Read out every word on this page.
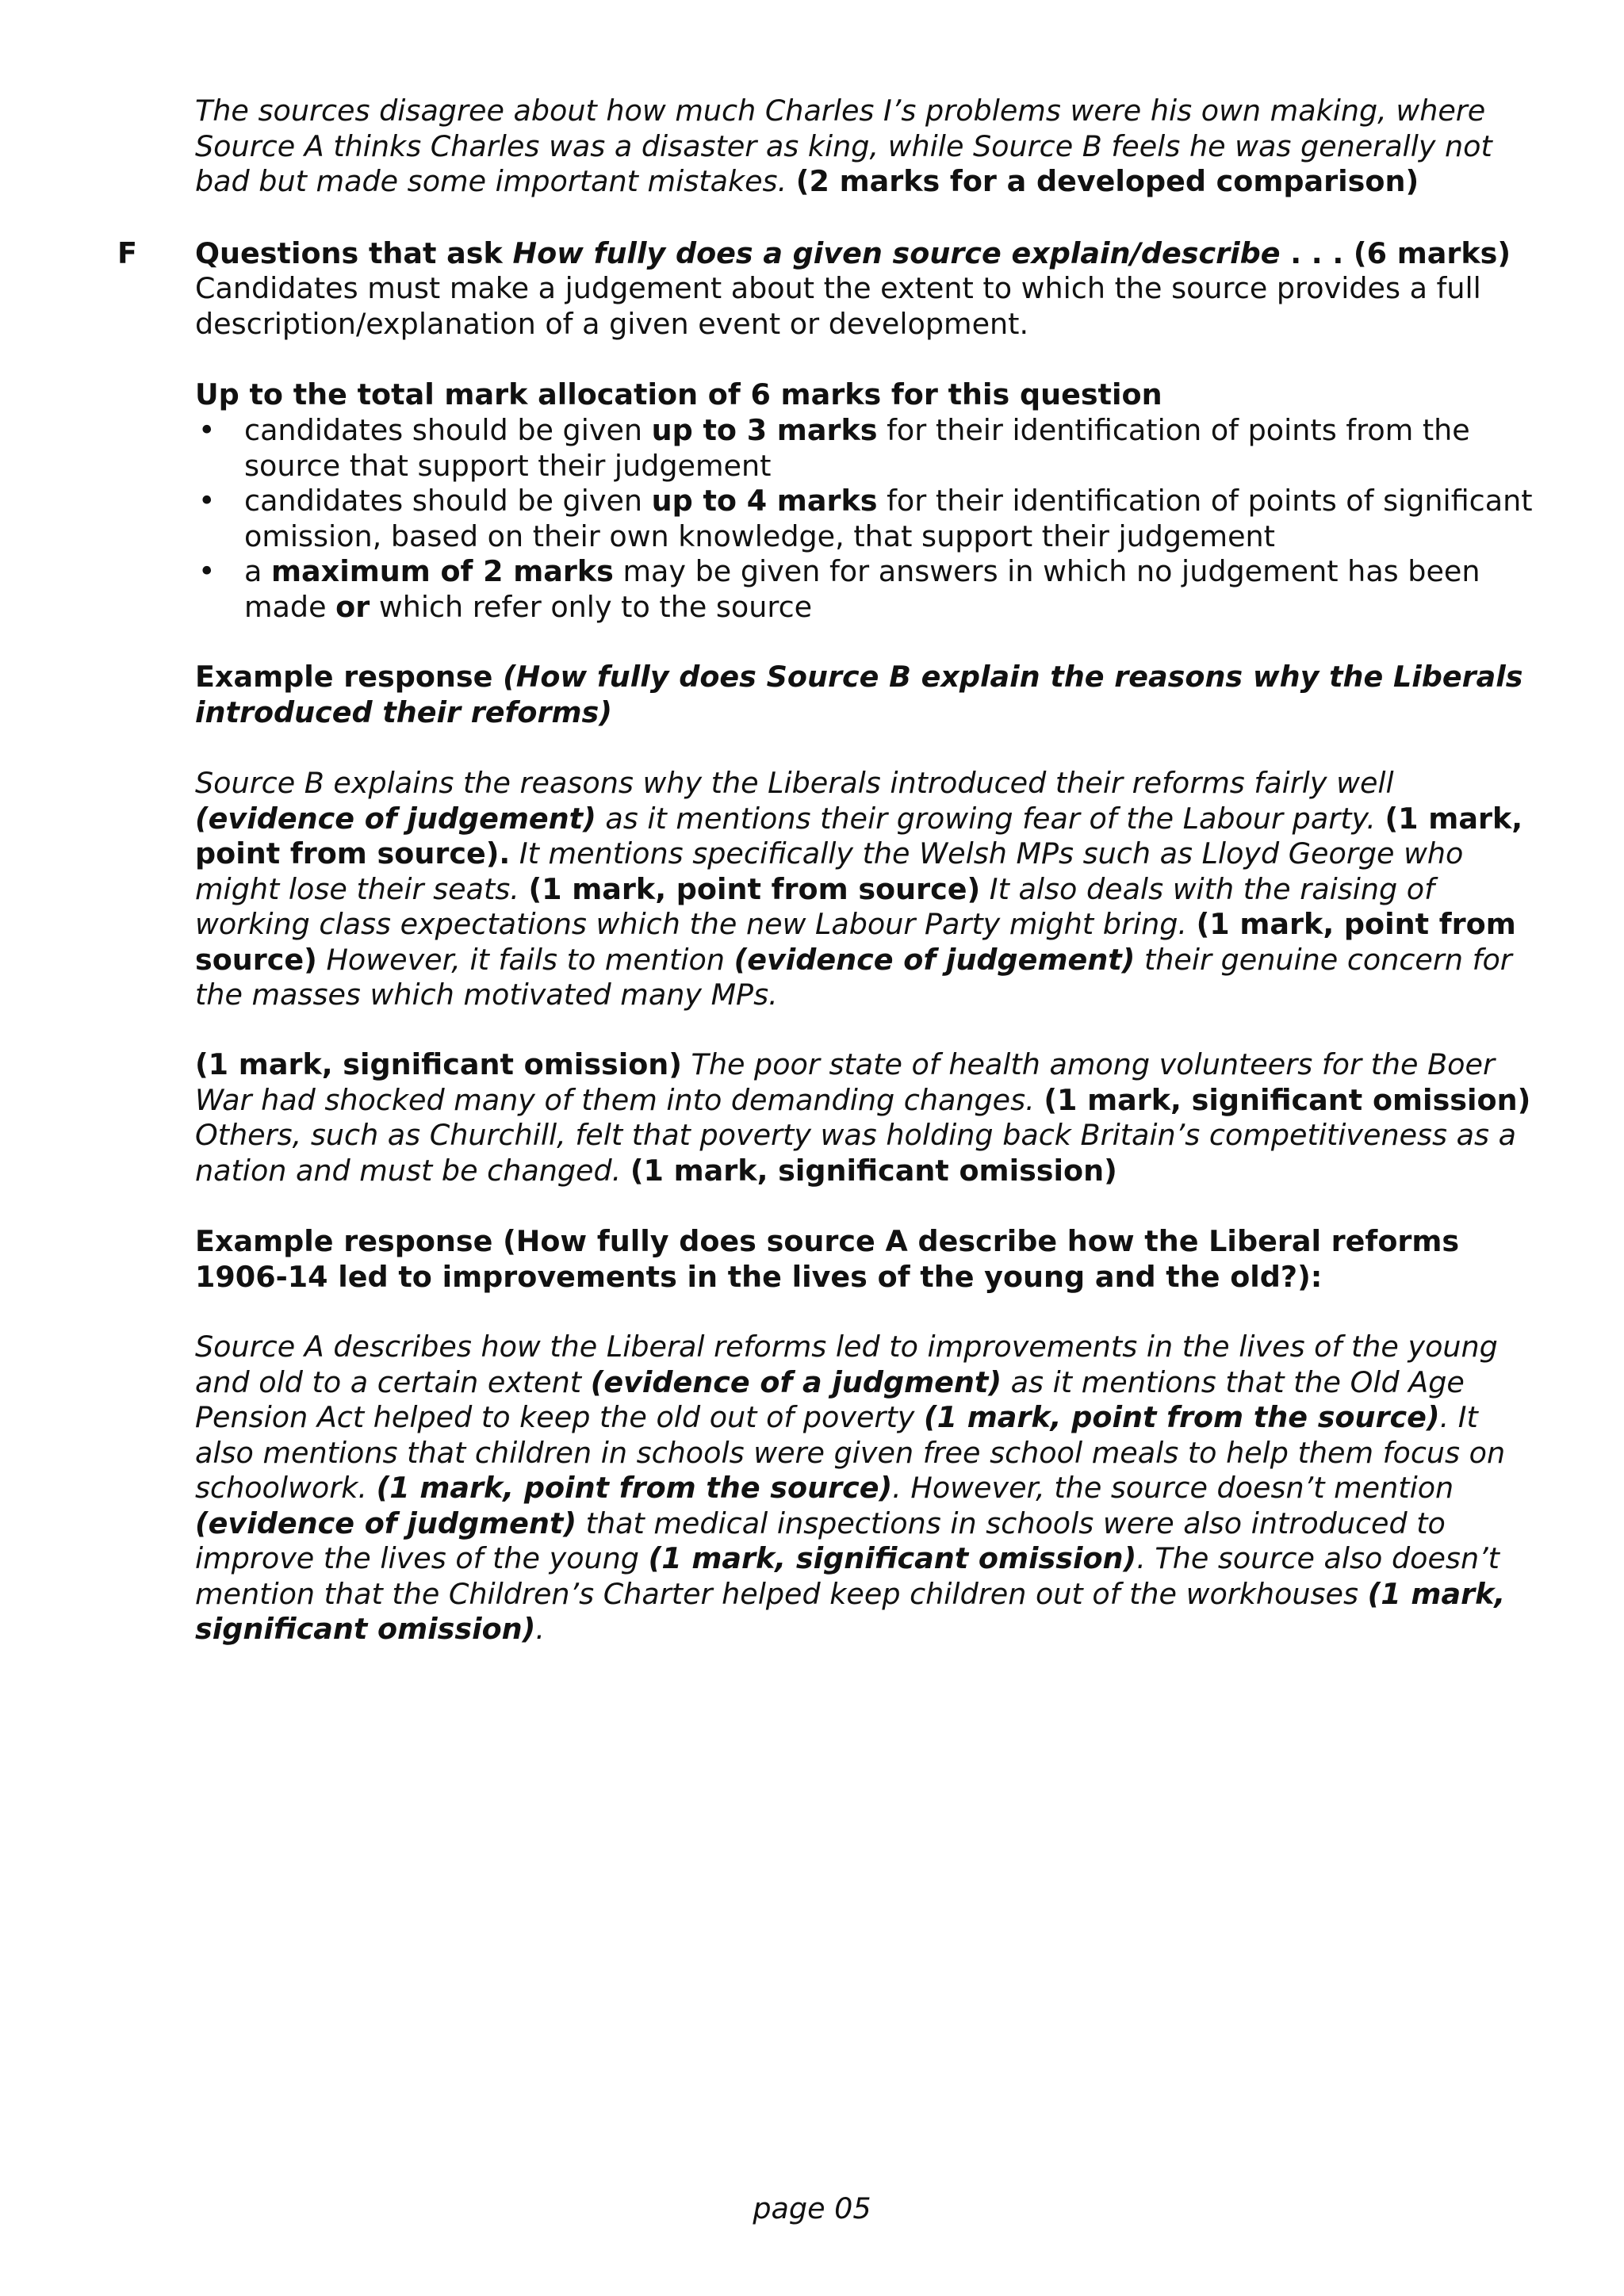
The sources disagree about how much Charles I’s problems were his own making, where Source A thinks Charles was a disaster as king, while Source B feels he was generally not bad but made some important mistakes. (2 marks for a developed comparison)

F Questions that ask How fully does a given source explain/describe . . . (6 marks)

Candidates must make a judgement about the extent to which the source provides a full description/explanation of a given event or development.

Up to the total mark allocation of 6 marks for this question

• candidates should be given up to 3 marks for their identification of points from the source that support their judgement
• candidates should be given up to 4 marks for their identification of points of significant omission, based on their own knowledge, that support their judgement
• a maximum of 2 marks may be given for answers in which no judgement has been made or which refer only to the source

Example response (How fully does Source B explain the reasons why the Liberals introduced their reforms)

Source B explains the reasons why the Liberals introduced their reforms fairly well (evidence of judgement) as it mentions their growing fear of the Labour party. (1 mark, point from source). It mentions specifically the Welsh MPs such as Lloyd George who might lose their seats. (1 mark, point from source) It also deals with the raising of working class expectations which the new Labour Party might bring. (1 mark, point from source) However, it fails to mention (evidence of judgement) their genuine concern for the masses which motivated many MPs.

(1 mark, significant omission) The poor state of health among volunteers for the Boer War had shocked many of them into demanding changes. (1 mark, significant omission) Others, such as Churchill, felt that poverty was holding back Britain’s competitiveness as a nation and must be changed. (1 mark, significant omission)

Example response (How fully does source A describe how the Liberal reforms 1906-14 led to improvements in the lives of the young and the old?):

Source A describes how the Liberal reforms led to improvements in the lives of the young and old to a certain extent (evidence of a judgment) as it mentions that the Old Age Pension Act helped to keep the old out of poverty (1 mark, point from the source). It also mentions that children in schools were given free school meals to help them focus on schoolwork. (1 mark, point from the source). However, the source doesn’t mention (evidence of judgment) that medical inspections in schools were also introduced to improve the lives of the young (1 mark, significant omission). The source also doesn’t mention that the Children’s Charter helped keep children out of the workhouses (1 mark, significant omission).

page 05
